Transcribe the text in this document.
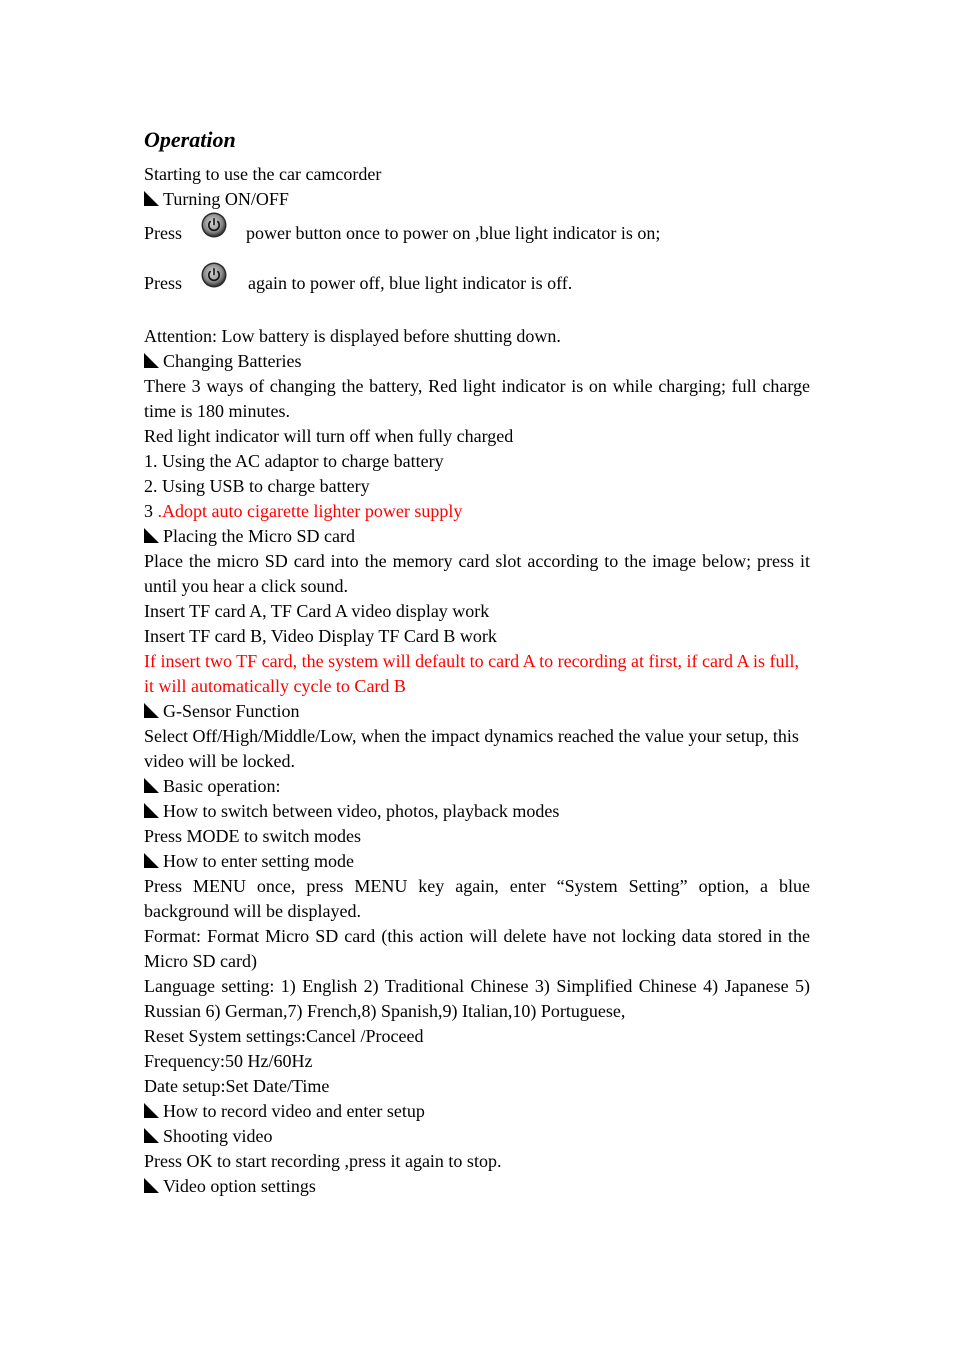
Operation
Starting to use the car camcorder
Turning ON/OFF
Press	power button once to power on ,blue light indicator is on;
Press	again to power off, blue light indicator is off.
Attention: Low battery is displayed before shutting down.
Changing Batteries
There 3 ways of changing the battery, Red light indicator is on while charging; full charge time is 180 minutes.
Red light indicator will turn off when fully charged
1. Using the AC adaptor to charge battery
2. Using USB to charge battery
3 .Adopt auto cigarette lighter power supply
Placing the Micro SD card
Place the micro SD card into the memory card slot according to the image below; press it until you hear a click sound.
Insert TF card A, TF Card A video display work
Insert TF card B, Video Display TF Card B work
If insert two TF card, the system will default to card A to recording at first, if card A is full, it will automatically cycle to Card B
G-Sensor Function
Select Off/High/Middle/Low, when the impact dynamics reached the value your setup, this video will be locked.
Basic operation:
How to switch between video, photos, playback modes
Press MODE to switch modes
How to enter setting mode
Press MENU once, press MENU key again, enter “System Setting” option, a blue background will be displayed.
Format: Format Micro SD card (this action will delete have not locking data stored in the Micro SD card)
Language setting: 1) English 2) Traditional Chinese 3) Simplified Chinese 4) Japanese 5) Russian 6) German,7) French,8) Spanish,9) Italian,10) Portuguese,
Reset System settings:Cancel /Proceed
Frequency:50 Hz/60Hz
Date setup:Set Date/Time
How to record video and enter setup
Shooting video
Press OK to start recording ,press it again to stop.
Video option settings
